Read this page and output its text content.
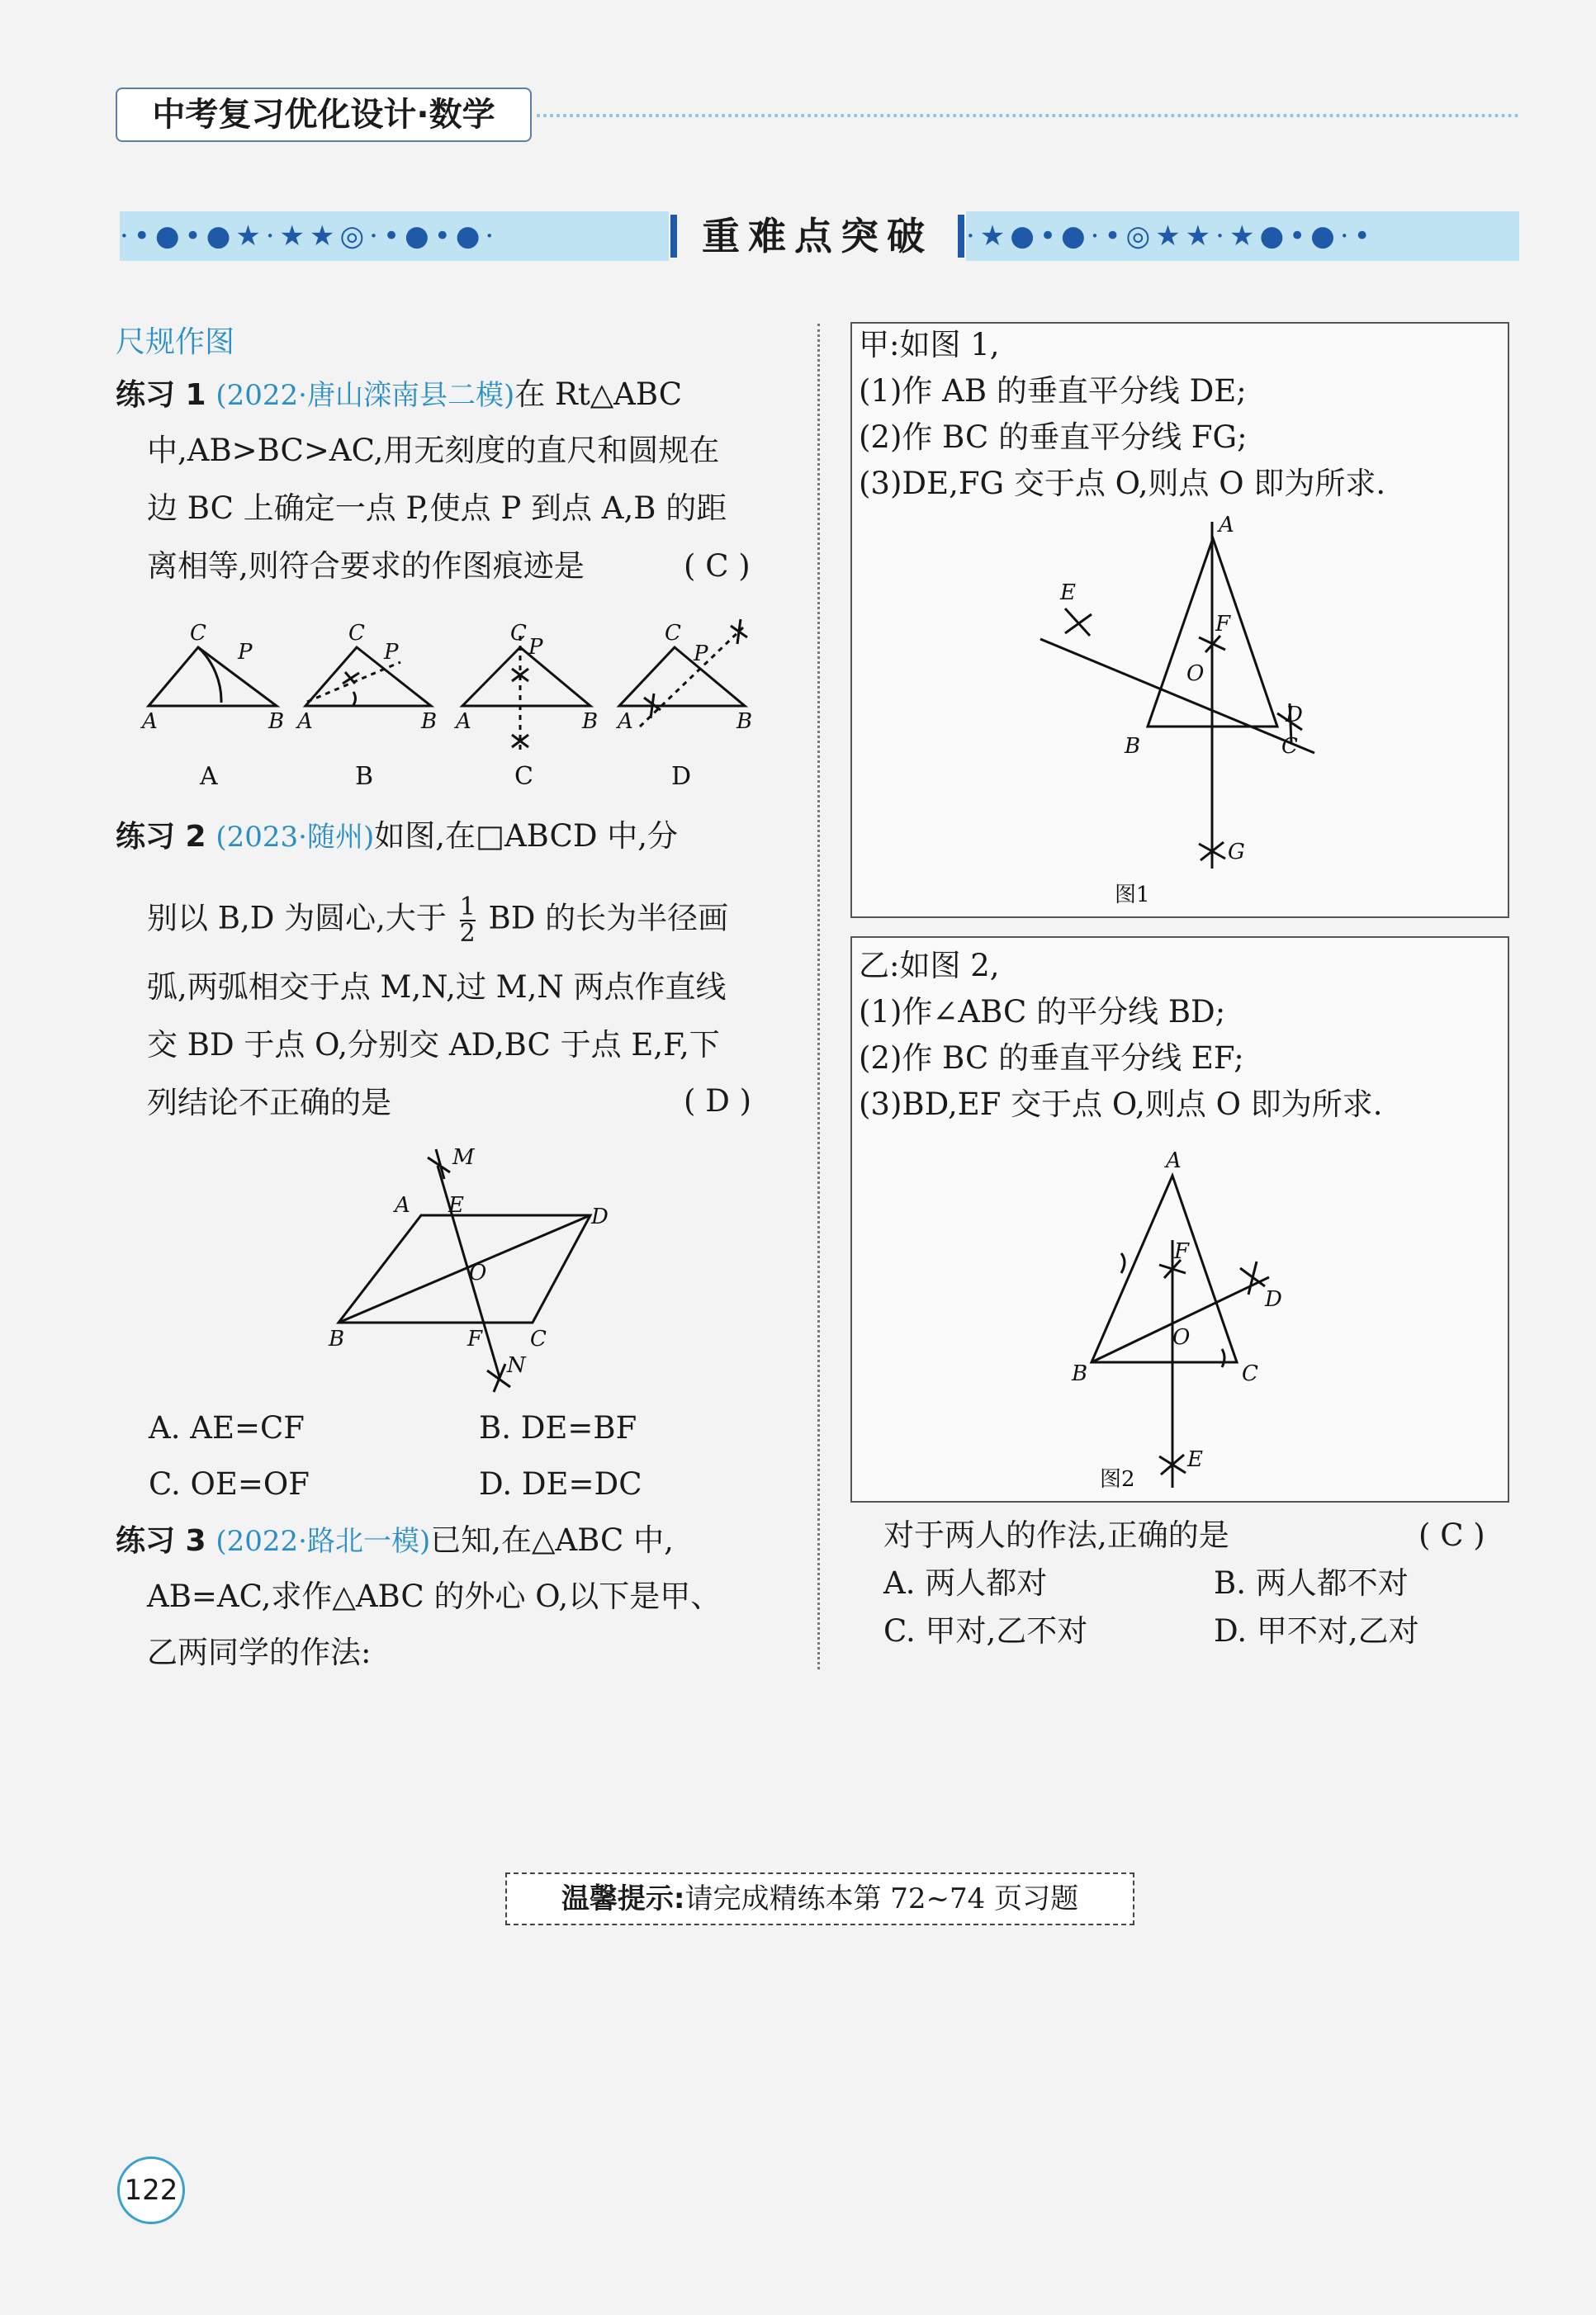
中考复习优化设计·数学
·•●•●★·★★◎·•●•●·	重难点突破	·★●•●·•◎★★·★●•●·•
尺规作图
练习 1 (2022·唐山滦南县二模)在 Rt△ABC
中,AB>BC>AC,用无刻度的直尺和圆规在
边 BC 上确定一点 P,使点 P 到点 A,B 的距
离相等,则符合要求的作图痕迹是	( C )
C
P
A	B
C
P
A	B
C
P
A	B
C
P
A	B
A	B	C	D
练习 2 (2023·随州)如图,在□ABCD 中,分
别以 B,D 为圆心,大于 $\frac{1}{2}$ BD 的长为半径画
弧,两弧相交于点 M,N,过 M,N 两点作直线
交 BD 于点 O,分别交 AD,BC 于点 E,F,下
列结论不正确的是	( D )
M
A E	D
O
B	F C
N
A. AE=CF	B. DE=BF
C. OE=OF	D. DE=DC
练习 3 (2022·路北一模)已知,在△ABC 中,
AB=AC,求作△ABC 的外心 O,以下是甲、
乙两同学的作法:
甲:如图 1,
(1)作 AB 的垂直平分线 DE;
(2)作 BC 的垂直平分线 FG;
(3)DE,FG 交于点 O,则点 O 即为所求.
A
E
F
D
O
B	C
G
图1
乙:如图 2,
(1)作∠ABC 的平分线 BD;
(2)作 BC 的垂直平分线 EF;
(3)BD,EF 交于点 O,则点 O 即为所求.
A
F
D
O
B	C
E
图2
对于两人的作法,正确的是	( C )
A. 两人都对	B. 两人都不对
C. 甲对,乙不对	D. 甲不对,乙对
温馨提示:请完成精练本第 72~74 页习题
122
